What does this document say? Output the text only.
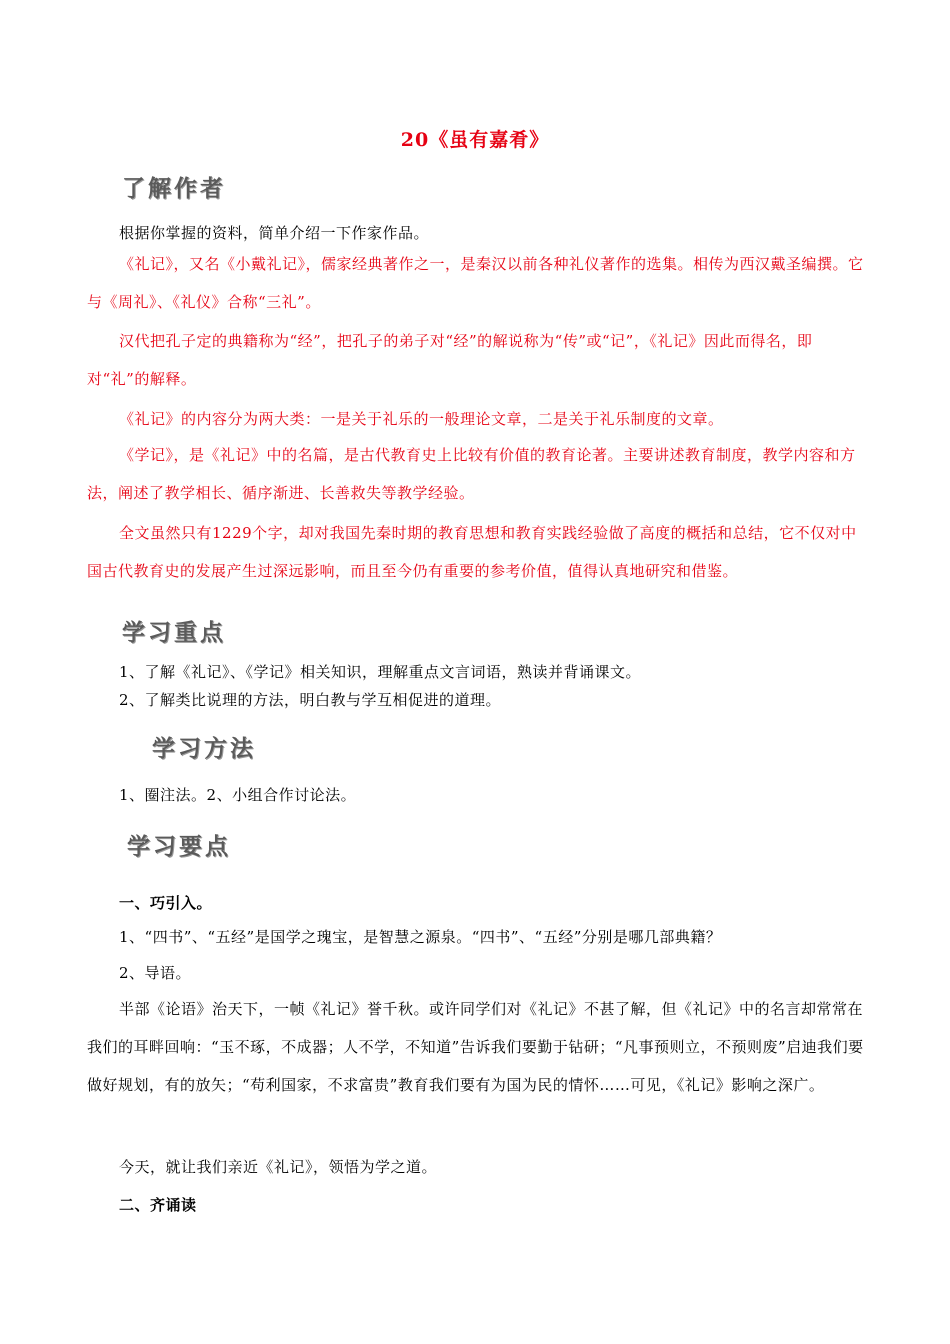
20《虽有嘉肴》
了解作者
根据你掌握的资料，简单介绍一下作家作品。
《礼记》，又名《小戴礼记》，儒家经典著作之一，是秦汉以前各种礼仪著作的选集。相传为西汉戴圣编撰。它与《周礼》、《礼仪》合称“三礼”。
汉代把孔子定的典籍称为“经”，把孔子的弟子对“经”的解说称为“传”或“记”，《礼记》因此而得名，即对“礼”的解释。
《礼记》的内容分为两大类：一是关于礼乐的一般理论文章，二是关于礼乐制度的文章。
《学记》，是《礼记》中的名篇，是古代教育史上比较有价值的教育论著。主要讲述教育制度，教学内容和方法，阐述了教学相长、循序渐进、长善救失等教学经验。
全文虽然只有1229个字，却对我国先秦时期的教育思想和教育实践经验做了高度的概括和总结，它不仅对中国古代教育史的发展产生过深远影响，而且至今仍有重要的参考价值，值得认真地研究和借鉴。
学习重点
1、了解《礼记》、《学记》相关知识，理解重点文言词语，熟读并背诵课文。
2、了解类比说理的方法，明白教与学互相促进的道理。
学习方法
1、圈注法。2、小组合作讨论法。
学习要点
一、巧引入。
1、“四书”、“五经”是国学之瑰宝，是智慧之源泉。“四书”、“五经”分别是哪几部典籍？
2、导语。
半部《论语》治天下，一帧《礼记》誉千秋。或许同学们对《礼记》不甚了解，但《礼记》中的名言却常常在我们的耳畔回响：“玉不琢，不成器；人不学，不知道”告诉我们要勤于钻研；“凡事预则立，不预则废”启迪我们要做好规划，有的放矢；“苟利国家，不求富贵”教育我们要有为国为民的情怀……可见，《礼记》影响之深广。
今天，就让我们亲近《礼记》，领悟为学之道。
二、齐诵读
